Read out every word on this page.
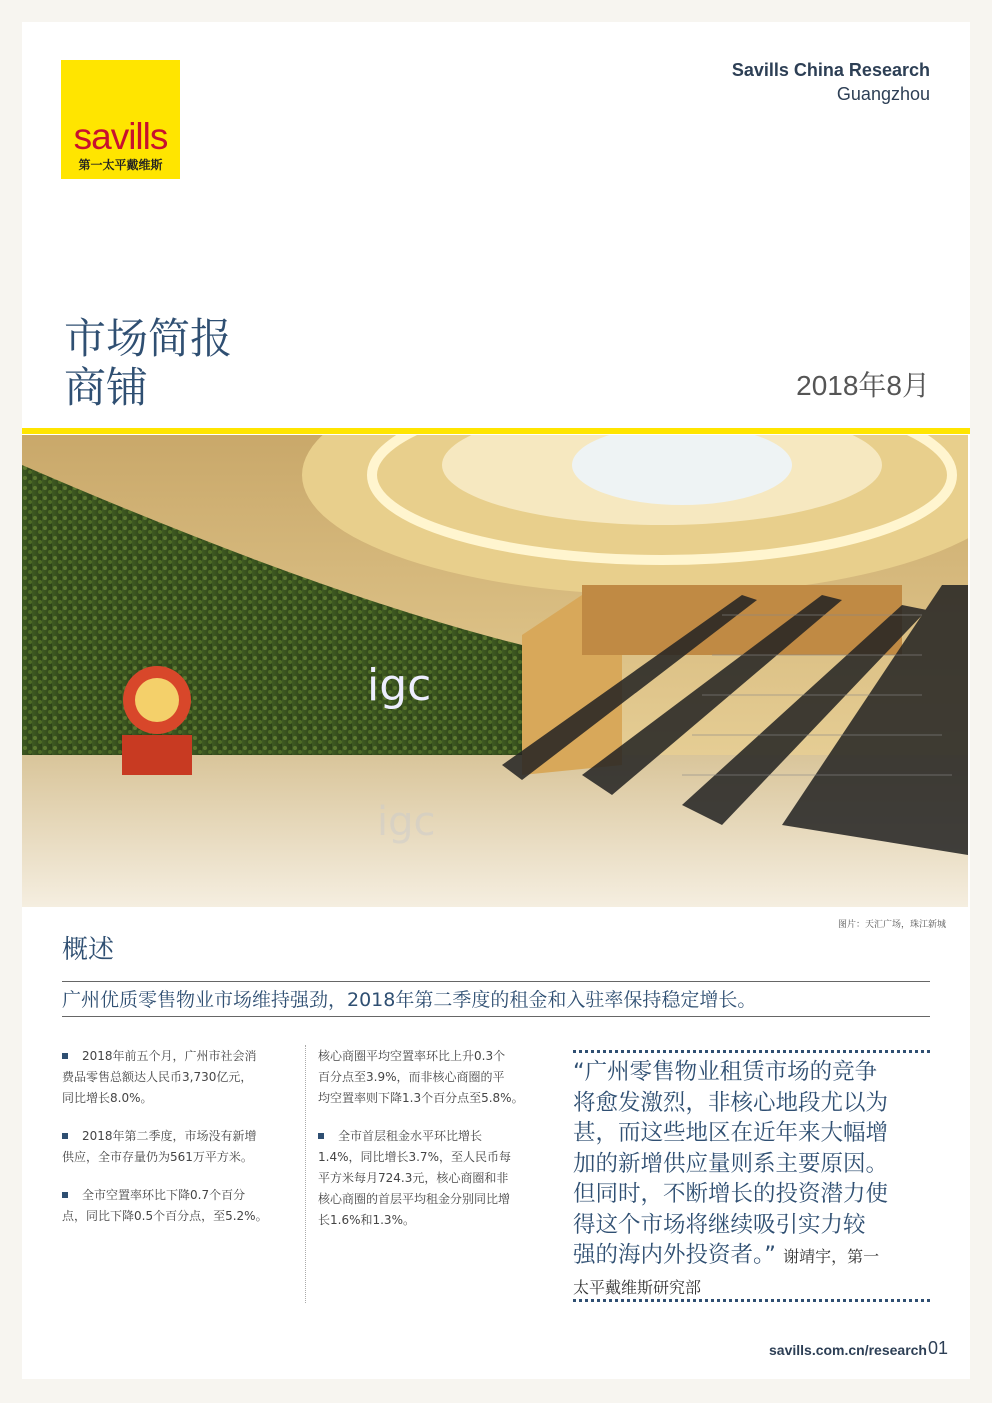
savills
第一太平戴维斯
Savills China Research
Guangzhou
市场简报
商铺	2018年8月
igc
igc
图片：天汇广场，珠江新城
概述
广州优质零售物业市场维持强劲，2018年第二季度的租金和入驻率保持稳定增长。

2018年前五个月，广州市社会消
费品零售总额达人民币3,730亿元，
同比增长8.0%。

2018年第二季度，市场没有新增
供应，全市存量仍为561万平方米。

全市空置率环比下降0.7个百分
点，同比下降0.5个百分点，至5.2%。

核心商圈平均空置率环比上升0.3个
百分点至3.9%，而非核心商圈的平
均空置率则下降1.3个百分点至5.8%。

全市首层租金水平环比增长
1.4%，同比增长3.7%，至人民币每
平方米每月724.3元，核心商圈和非
核心商圈的首层平均租金分别同比增
长1.6%和1.3%。

“广州零售物业租赁市场的竞争
将愈发激烈，非核心地段尤以为
甚，而这些地区在近年来大幅增
加的新增供应量则系主要原因。
但同时，不断增长的投资潜力使
得这个市场将继续吸引实力较
强的海内外投资者。” 谢靖宇，第一
太平戴维斯研究部
savills.com.cn/research 01
